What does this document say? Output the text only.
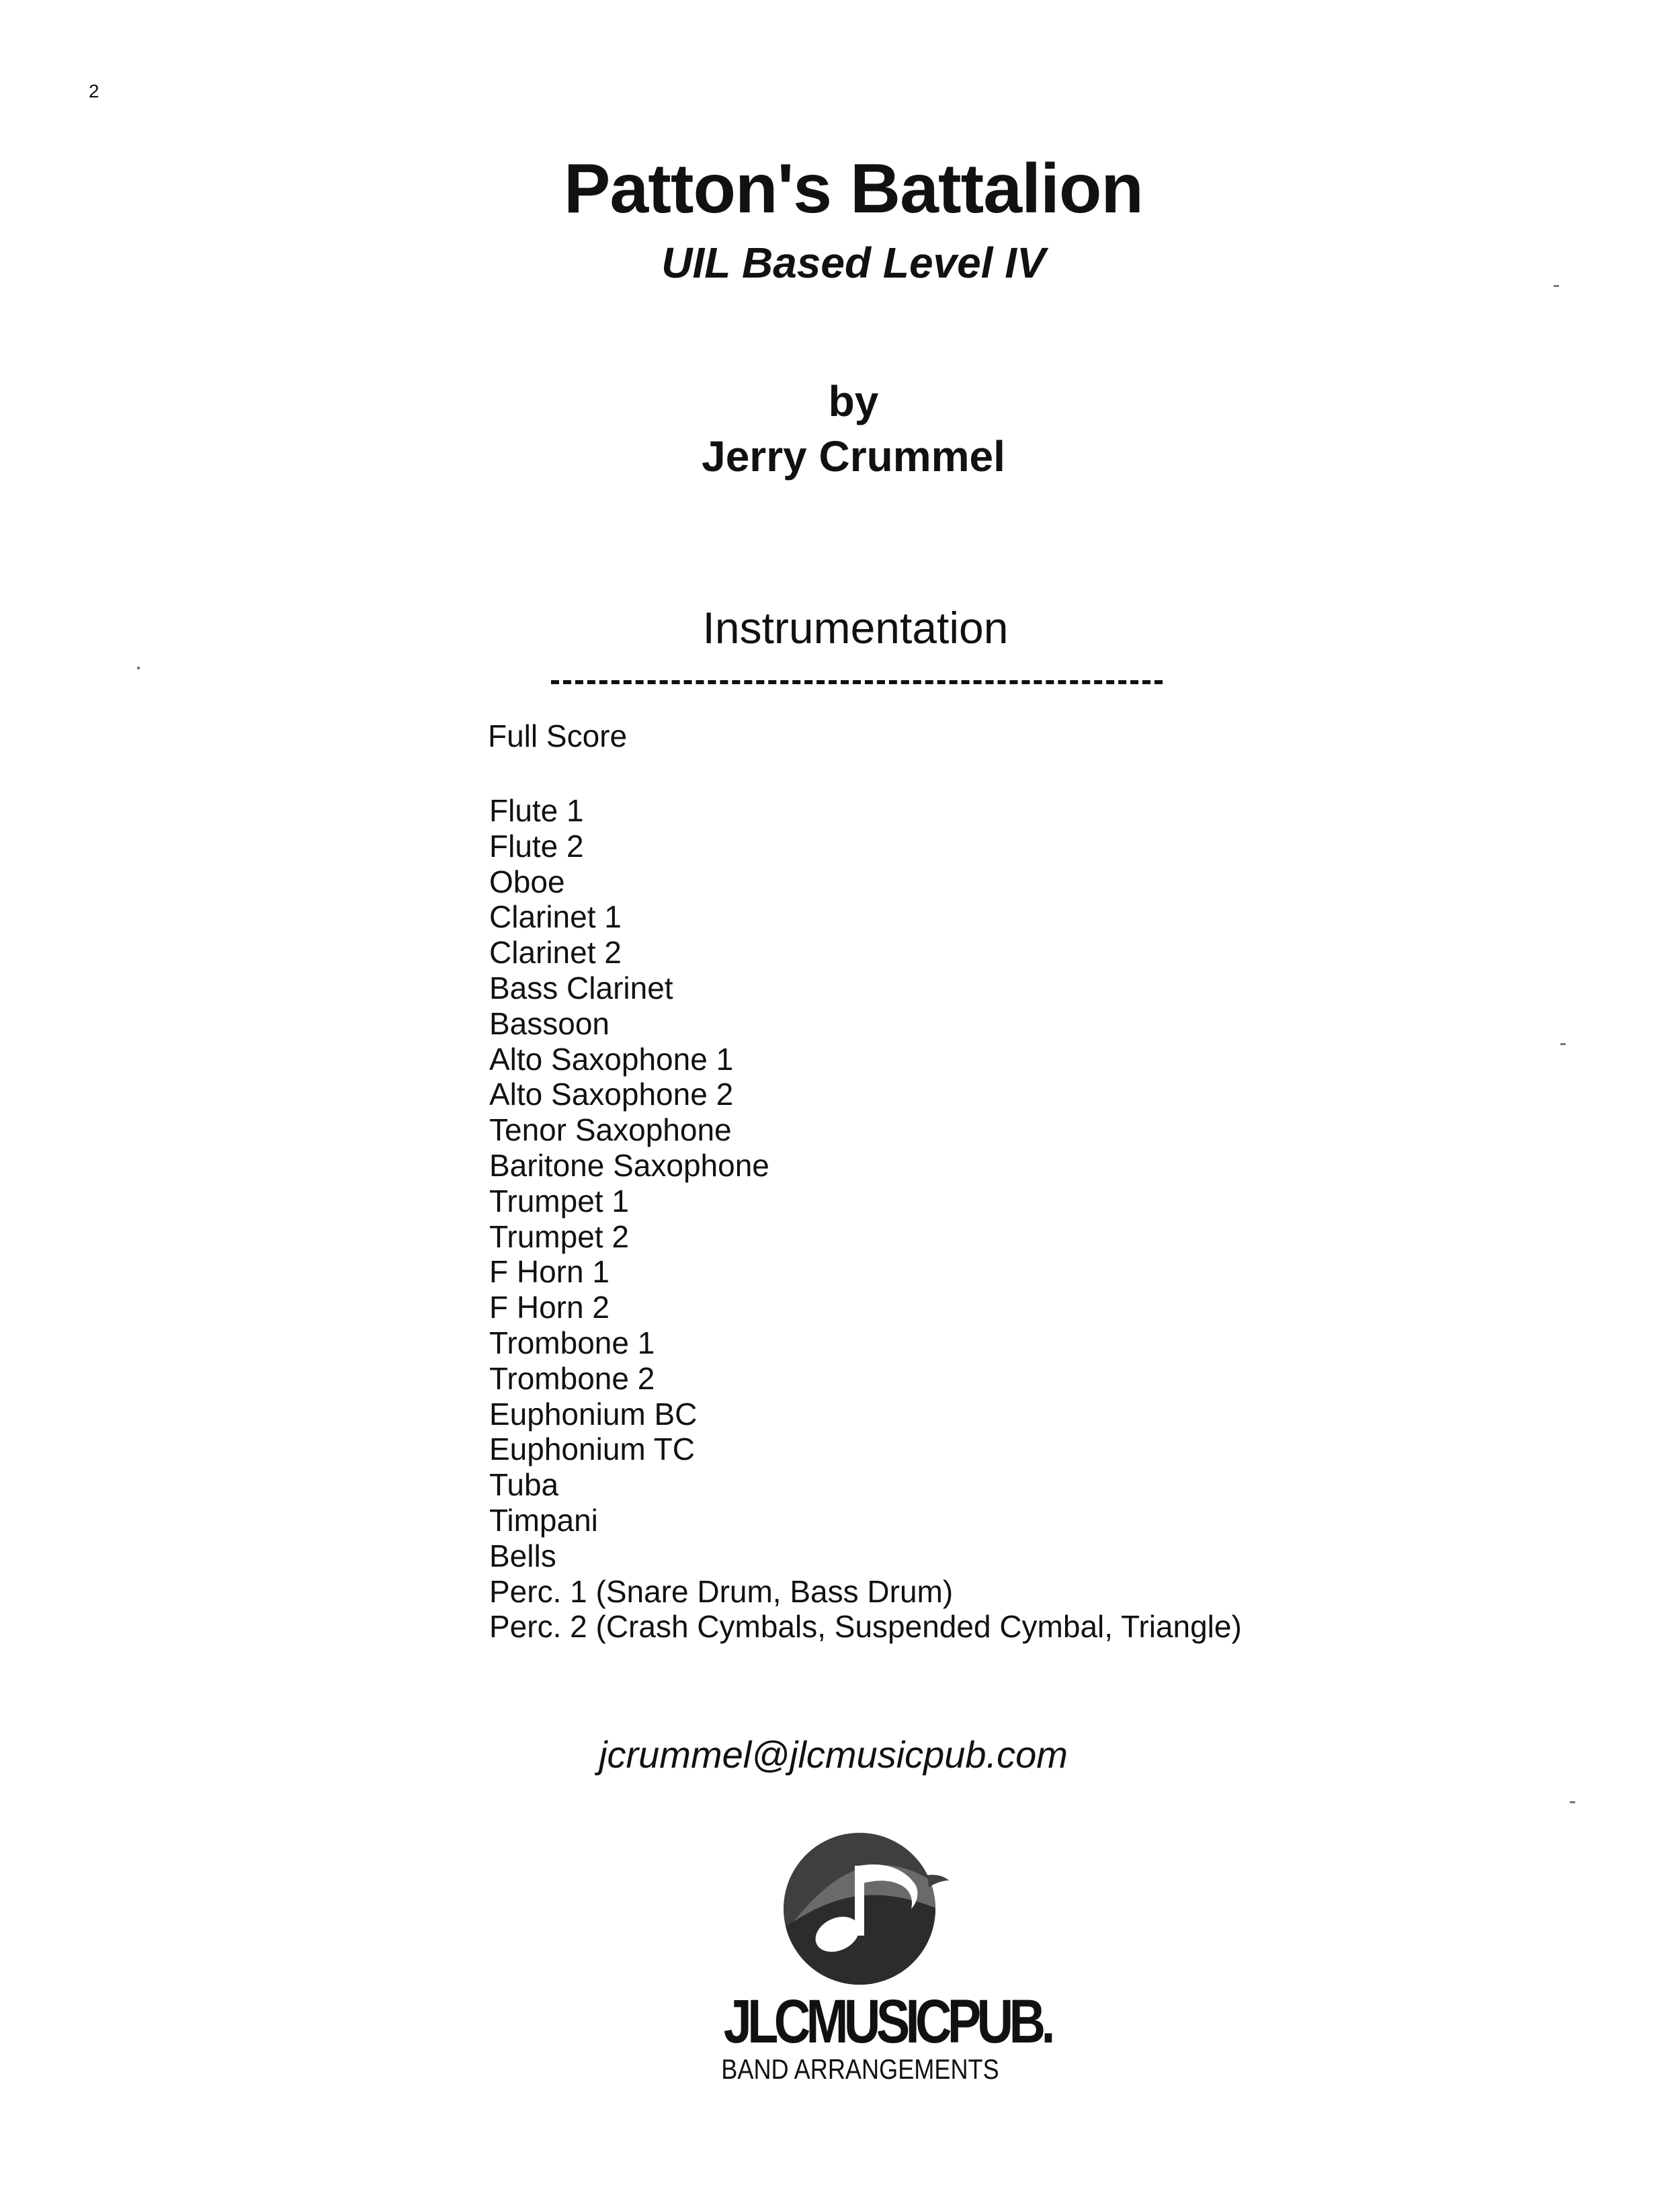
2
Patton's Battalion
UIL Based Level IV
by
Jerry Crummel
Instrumentation
Full Score
Flute 1
Flute 2
Oboe
Clarinet 1
Clarinet 2
Bass Clarinet
Bassoon
Alto Saxophone 1
Alto Saxophone 2
Tenor Saxophone
Baritone Saxophone
Trumpet 1
Trumpet 2
F Horn 1
F Horn 2
Trombone 1
Trombone 2
Euphonium BC
Euphonium TC
Tuba
Timpani
Bells
Perc. 1 (Snare Drum, Bass Drum)
Perc. 2 (Crash Cymbals, Suspended Cymbal, Triangle)
jcrummel@jlcmusicpub.com
JLCMUSICPUB.
BAND ARRANGEMENTS
